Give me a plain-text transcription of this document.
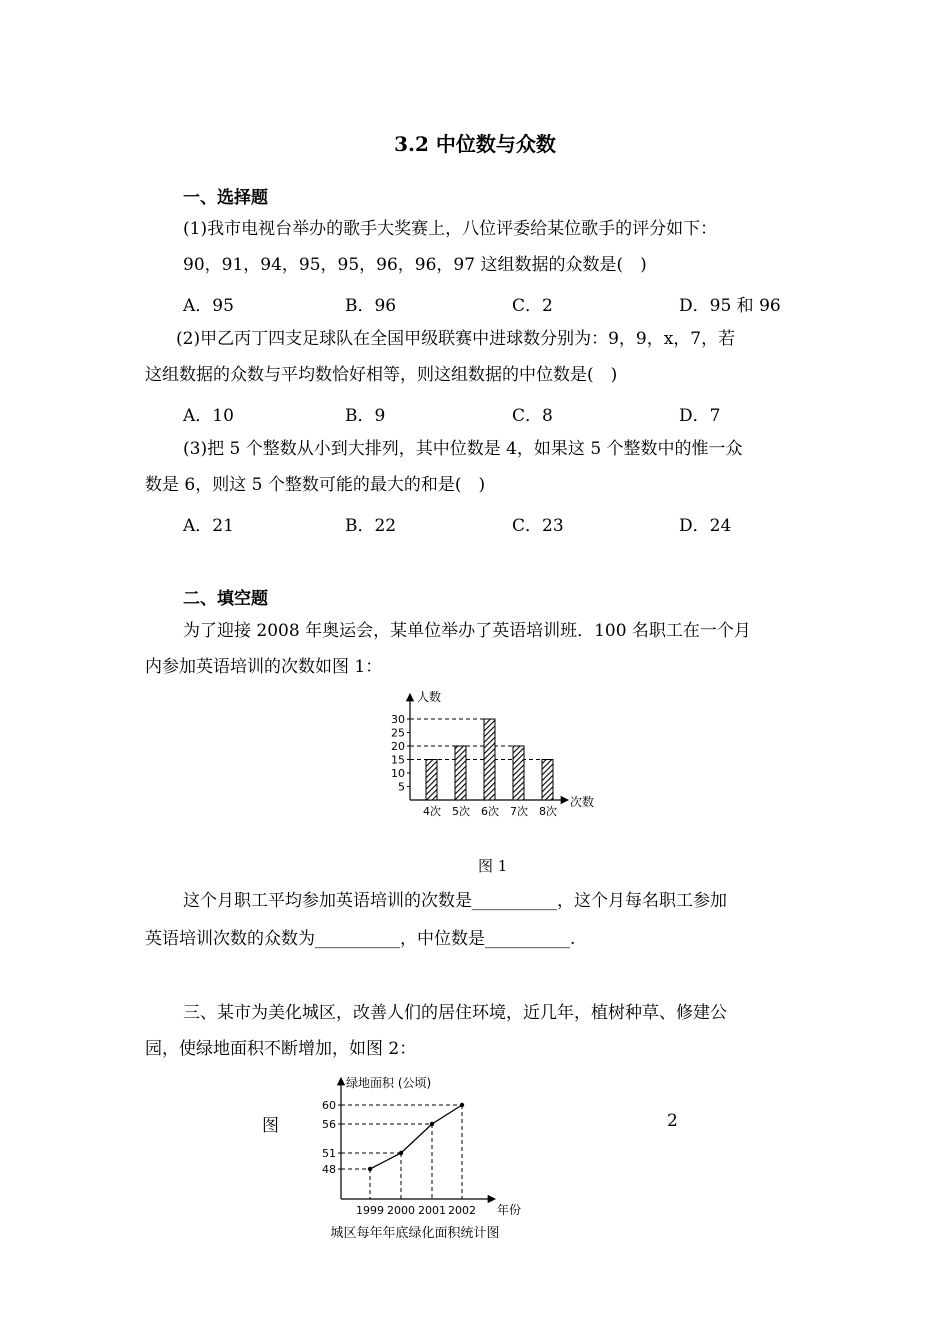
3.2 中位数与众数
一、选择题
(1)我市电视台举办的歌手大奖赛上，八位评委给某位歌手的评分如下：
90，91，94，95，95，96，96，97 这组数据的众数是(　)
A．95	B．96	C．2	D．95 和 96
(2)甲乙丙丁四支足球队在全国甲级联赛中进球数分别为：9，9，x，7，若
这组数据的众数与平均数恰好相等，则这组数据的中位数是(　)
A．10	B．9	C．8	D．7
(3)把 5 个整数从小到大排列，其中位数是 4，如果这 5 个整数中的惟一众
数是 6，则这 5 个整数可能的最大的和是(　)
A．21	B．22	C．23	D．24
二、填空题
为了迎接 2008 年奥运会，某单位举办了英语培训班．100 名职工在一个月
内参加英语培训的次数如图 1：
人数
次数
5
10
15
20
25
30
4次 5次 6次 7次 8次
图 1
这个月职工平均参加英语培训的次数是__________，这个月每名职工参加
英语培训次数的众数为__________，中位数是__________.
三、某市为美化城区，改善人们的居住环境，近几年，植树种草、修建公
园，使绿地面积不断增加，如图 2：
图	2
绿地面积 (公顷)
年份
48
51
56
60
1999 2000 2001 2002
城区每年年底绿化面积统计图
